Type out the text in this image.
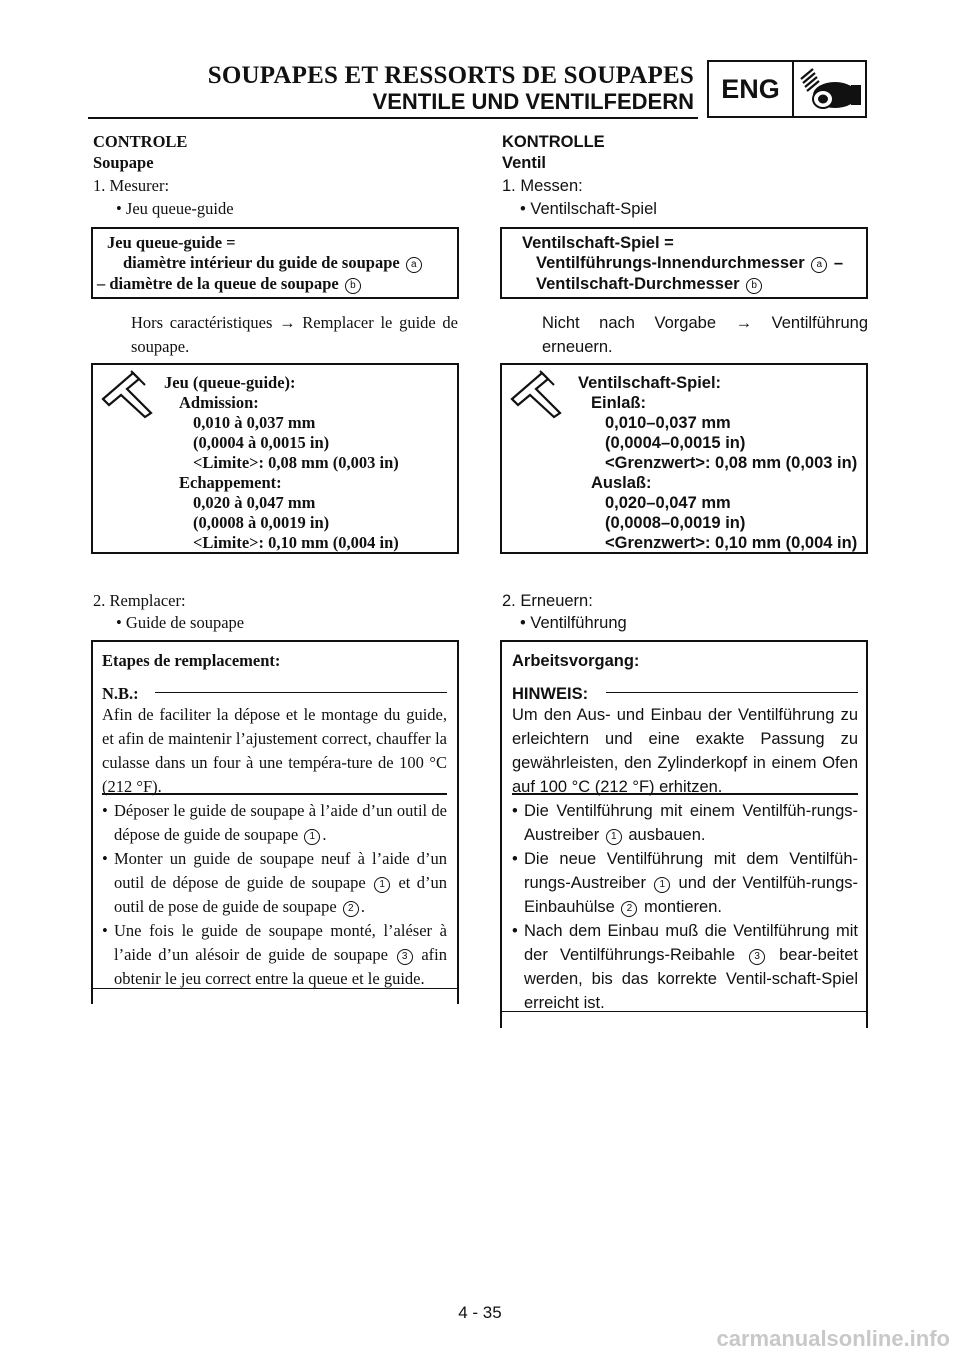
SOUPAPES ET RESSORTS DE SOUPAPES
VENTILE UND VENTILFEDERN	ENG
CONTROLE
Soupape
1. Mesurer:
• Jeu queue-guide
Jeu queue-guide =
diamètre intérieur du guide de soupape a
– diamètre de la queue de soupape b
Hors caractéristiques → Remplacer le guide de soupape.
Jeu (queue-guide):
Admission:
0,010 à 0,037 mm
(0,0004 à 0,0015 in)
<Limite>: 0,08 mm (0,003 in)
Echappement:
0,020 à 0,047 mm
(0,0008 à 0,0019 in)
<Limite>: 0,10 mm (0,004 in)
2. Remplacer:
• Guide de soupape
Etapes de remplacement:
N.B.:
Afin de faciliter la dépose et le montage du guide, et afin de maintenir l’ajustement correct, chauffer la culasse dans un four à une tempéra-ture de 100 °C (212 °F).
• Déposer le guide de soupape à l’aide d’un outil de dépose de guide de soupape 1 .
• Monter un guide de soupape neuf à l’aide d’un outil de dépose de guide de soupape 1 et d’un outil de pose de guide de soupape 2 .
• Une fois le guide de soupape monté, l’aléser à l’aide d’un alésoir de guide de soupape 3 afin obtenir le jeu correct entre la queue et le guide.
KONTROLLE
Ventil
1. Messen:
• Ventilschaft-Spiel
Ventilschaft-Spiel =
Ventilführungs-Innendurchmesser a –
Ventilschaft-Durchmesser b
Nicht nach Vorgabe → Ventilführung erneuern.
Ventilschaft-Spiel:
Einlaß:
0,010–0,037 mm
(0,0004–0,0015 in)
<Grenzwert>: 0,08 mm (0,003 in)
Auslaß:
0,020–0,047 mm
(0,0008–0,0019 in)
<Grenzwert>: 0,10 mm (0,004 in)
2. Erneuern:
• Ventilführung
Arbeitsvorgang:
HINWEIS:
Um den Aus- und Einbau der Ventilführung zu erleichtern und eine exakte Passung zu gewährleisten, den Zylinderkopf in einem Ofen auf 100 °C (212 °F) erhitzen.
• Die Ventilführung mit einem Ventilfüh-rungs-Austreiber 1 ausbauen.
• Die neue Ventilführung mit dem Ventilfüh-rungs-Austreiber 1 und der Ventilfüh-rungs-Einbauhülse 2 montieren.
• Nach dem Einbau muß die Ventilführung mit der Ventilführungs-Reibahle 3 bear-beitet werden, bis das korrekte Ventil-schaft-Spiel erreicht ist.
4 - 35
carmanualsonline.info
